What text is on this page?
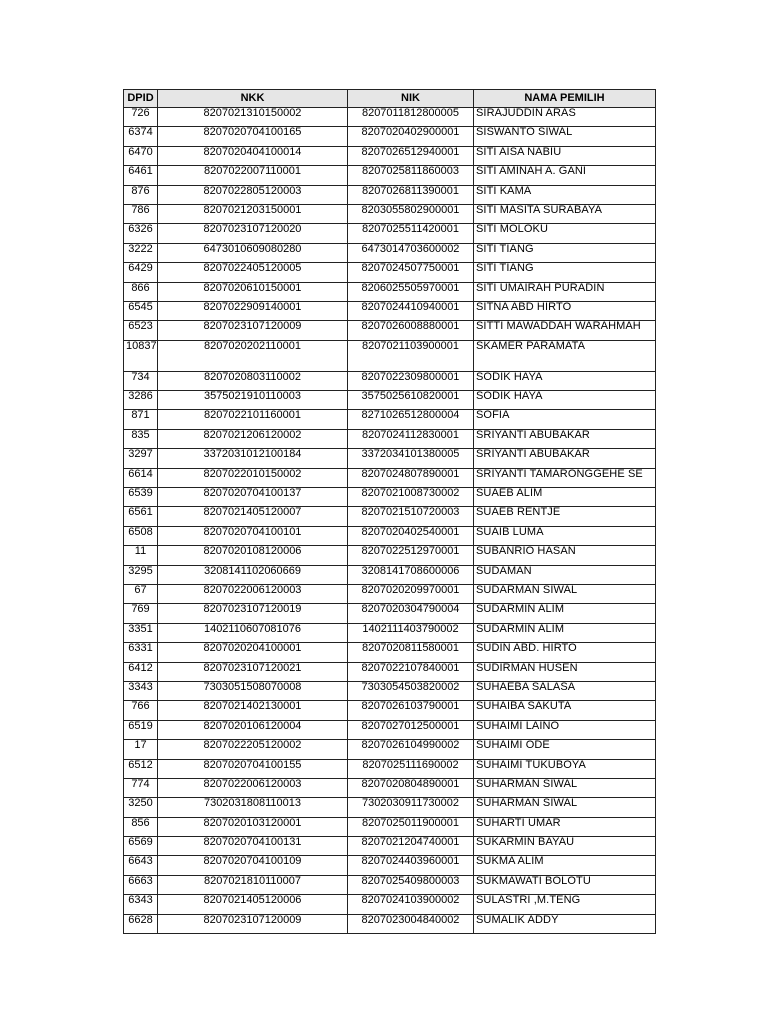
DPID	NKK	NIK	NAMA PEMILIH
726	8207021310150002	8207011812800005	SIRAJUDDIN ARAS
6374	8207020704100165	8207020402900001	SISWANTO SIWAL
6470	8207020404100014	8207026512940001	SITI AISA NABIU
6461	8207022007110001	8207025811860003	SITI AMINAH A. GANI
876	8207022805120003	8207026811390001	SITI KAMA
786	8207021203150001	8203055802900001	SITI MASITA SURABAYA
6326	8207023107120020	8207025511420001	SITI MOLOKU
3222	6473010609080280	6473014703600002	SITI TIANG
6429	8207022405120005	8207024507750001	SITI TIANG
866	8207020610150001	8206025505970001	SITI UMAIRAH PURADIN
6545	8207022909140001	8207024410940001	SITNA ABD HIRTO
6523	8207023107120009	8207026008880001	SITTI MAWADDAH WARAHMAH
10837	8207020202110001	8207021103900001	SKAMER PARAMATA
734	8207020803110002	8207022309800001	SODIK HAYA
3286	3575021910110003	3575025610820001	SODIK HAYA
871	8207022101160001	8271026512800004	SOFIA
835	8207021206120002	8207024112830001	SRIYANTI ABUBAKAR
3297	3372031012100184	3372034101380005	SRIYANTI ABUBAKAR
6614	8207022010150002	8207024807890001	SRIYANTI TAMARONGGEHE SE
6539	8207020704100137	8207021008730002	SUAEB ALIM
6561	8207021405120007	8207021510720003	SUAEB RENTJE
6508	8207020704100101	8207020402540001	SUAIB LUMA
11	8207020108120006	8207022512970001	SUBANRIO HASAN
3295	3208141102060669	3208141708600006	SUDAMAN
67	8207022006120003	8207020209970001	SUDARMAN SIWAL
769	8207023107120019	8207020304790004	SUDARMIN ALIM
3351	1402110607081076	1402111403790002	SUDARMIN ALIM
6331	8207020204100001	8207020811580001	SUDIN ABD. HIRTO
6412	8207023107120021	8207022107840001	SUDIRMAN HUSEN
3343	7303051508070008	7303054503820002	SUHAEBA SALASA
766	8207021402130001	8207026103790001	SUHAIBA SAKUTA
6519	8207020106120004	8207027012500001	SUHAIMI LAINO
17	8207022205120002	8207026104990002	SUHAIMI ODE
6512	8207020704100155	8207025111690002	SUHAIMI TUKUBOYA
774	8207022006120003	8207020804890001	SUHARMAN SIWAL
3250	7302031808110013	7302030911730002	SUHARMAN SIWAL
856	8207020103120001	8207025011900001	SUHARTI UMAR
6569	8207020704100131	8207021204740001	SUKARMIN BAYAU
6643	8207020704100109	8207024403960001	SUKMA ALIM
6663	8207021810110007	8207025409800003	SUKMAWATI BOLOTU
6343	8207021405120006	8207024103900002	SULASTRI ,M.TENG
6628	8207023107120009	8207023004840002	SUMALIK ADDY
